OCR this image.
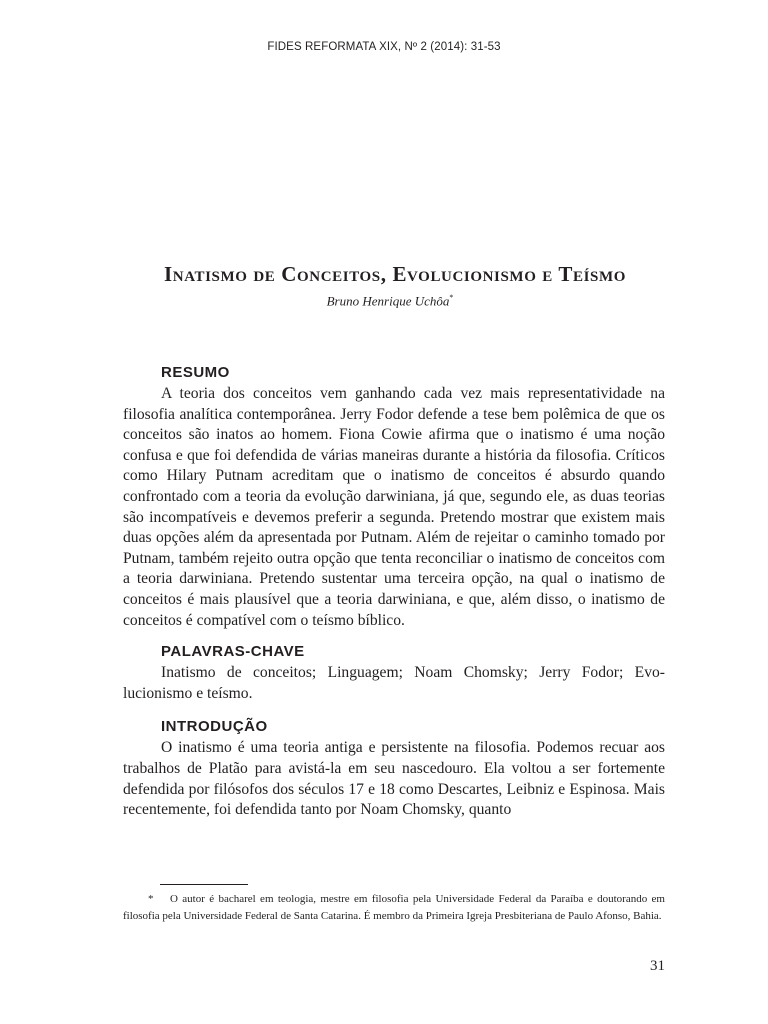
FIDES REFORMATA XIX, Nº 2 (2014): 31-53
Inatismo de Conceitos, Evolucionismo e Teísmo
Bruno Henrique Uchôa*
RESUMO

A teoria dos conceitos vem ganhando cada vez mais representatividade na filosofia analítica contemporânea. Jerry Fodor defende a tese bem polêmica de que os conceitos são inatos ao homem. Fiona Cowie afirma que o inatismo é uma noção confusa e que foi defendida de várias maneiras durante a história da filosofia. Críticos como Hilary Putnam acreditam que o inatismo de conceitos é absurdo quando confrontado com a teoria da evolução darwiniana, já que, segundo ele, as duas teorias são incompatíveis e devemos preferir a segunda. Pretendo mostrar que existem mais duas opções além da apresentada por Putnam. Além de rejeitar o caminho tomado por Putnam, também rejeito outra opção que tenta reconciliar o inatismo de conceitos com a teoria darwiniana. Pretendo sustentar uma terceira opção, na qual o inatismo de conceitos é mais plausível que a teoria darwiniana, e que, além disso, o inatismo de conceitos é compatível com o teísmo bíblico.

PALAVRAS-CHAVE

Inatismo de conceitos; Linguagem; Noam Chomsky; Jerry Fodor; Evolucionismo e teísmo.

INTRODUÇÃO

O inatismo é uma teoria antiga e persistente na filosofia. Podemos recuar aos trabalhos de Platão para avistá-la em seu nascedouro. Ela voltou a ser fortemente defendida por filósofos dos séculos 17 e 18 como Descartes, Leibniz e Espinosa. Mais recentemente, foi defendida tanto por Noam Chomsky, quanto

* O autor é bacharel em teologia, mestre em filosofia pela Universidade Federal da Paraíba e doutorando em filosofia pela Universidade Federal de Santa Catarina. É membro da Primeira Igreja Presbiteriana de Paulo Afonso, Bahia.
31
